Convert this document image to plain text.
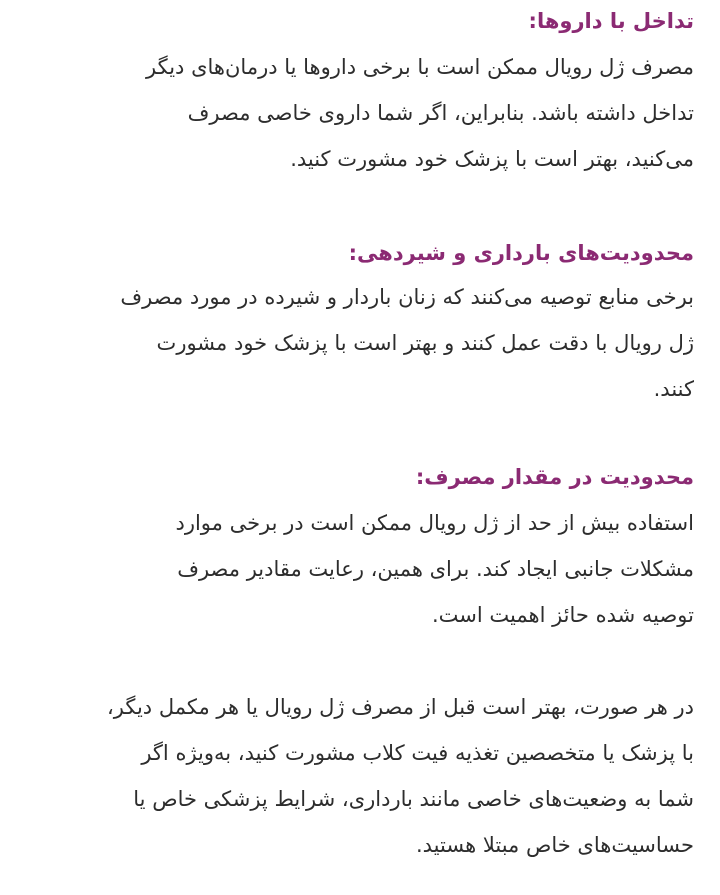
تداخل با داروها:

مصرف ژل رویال ممکن است با برخی داروها یا درمان‌های دیگر
تداخل داشته باشد. بنابراین، اگر شما داروی خاصی مصرف
می‌کنید، بهتر است با پزشک خود مشورت کنید.

محدودیت‌های بارداری و شیردهی:

برخی منابع توصیه می‌کنند که زنان باردار و شیرده در مورد مصرف
ژل رویال با دقت عمل کنند و بهتر است با پزشک خود مشورت
کنند.

محدودیت در مقدار مصرف:

استفاده بیش از حد از ژل رویال ممکن است در برخی موارد
مشکلات جانبی ایجاد کند. برای همین، رعایت مقادیر مصرف
توصیه شده حائز اهمیت است.

در هر صورت، بهتر است قبل از مصرف ژل رویال یا هر مکمل دیگر،
با پزشک یا متخصصین تغذیه فیت کلاب مشورت کنید، به‌ویژه اگر
شما به وضعیت‌های خاصی مانند بارداری، شرایط پزشکی خاص یا
حساسیت‌های خاص مبتلا هستید.
